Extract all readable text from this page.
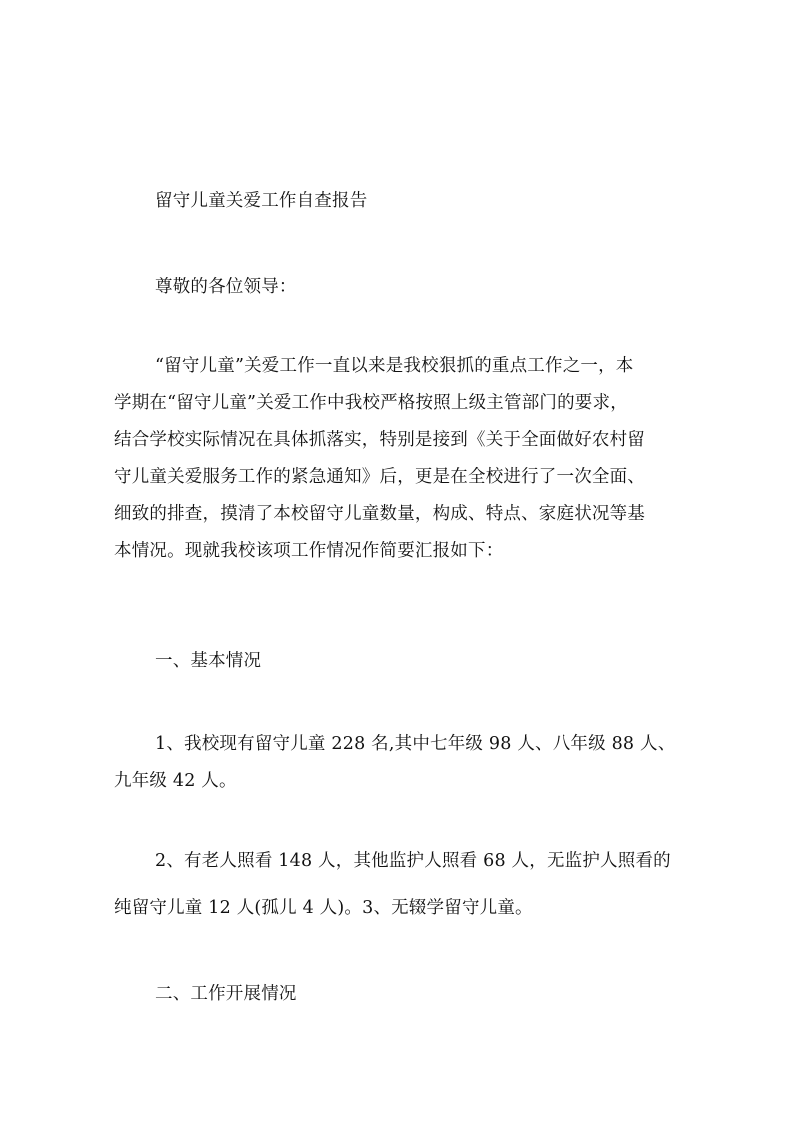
留守儿童关爱工作自查报告
尊敬的各位领导：
“留守儿童”关爱工作一直以来是我校狠抓的重点工作之一，本
学期在“留守儿童”关爱工作中我校严格按照上级主管部门的要求，
结合学校实际情况在具体抓落实，特别是接到《关于全面做好农村留
守儿童关爱服务工作的紧急通知》后，更是在全校进行了一次全面、
细致的排查，摸清了本校留守儿童数量，构成、特点、家庭状况等基
本情况。现就我校该项工作情况作简要汇报如下：
一、基本情况
1、我校现有留守儿童 228 名,其中七年级 98 人、八年级 88 人、
九年级 42 人。
2、有老人照看 148 人，其他监护人照看 68 人，无监护人照看的
纯留守儿童 12 人(孤儿 4 人)。3、无辍学留守儿童。
二、工作开展情况
